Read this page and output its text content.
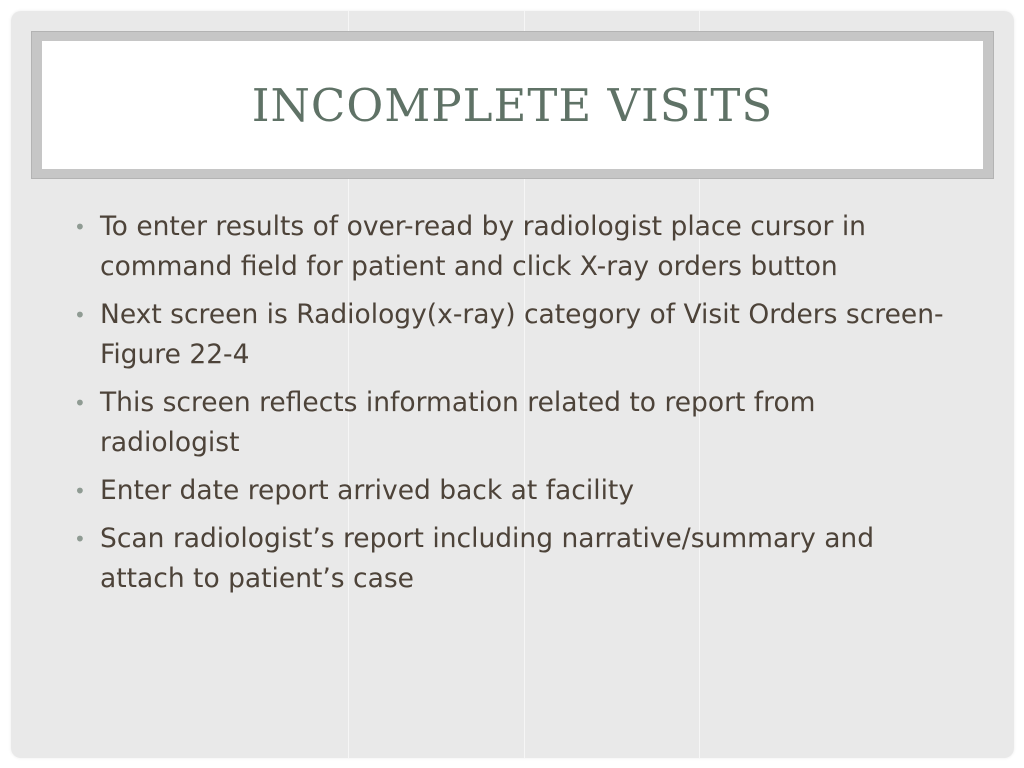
INCOMPLETE VISITS
• To enter results of over-read by radiologist place cursor in command field for patient and click X-ray orders button
• Next screen is Radiology(x-ray) category of Visit Orders screen-Figure 22-4
• This screen reflects information related to report from radiologist
• Enter date report arrived back at facility
• Scan radiologist’s report including narrative/summary and attach to patient’s case
